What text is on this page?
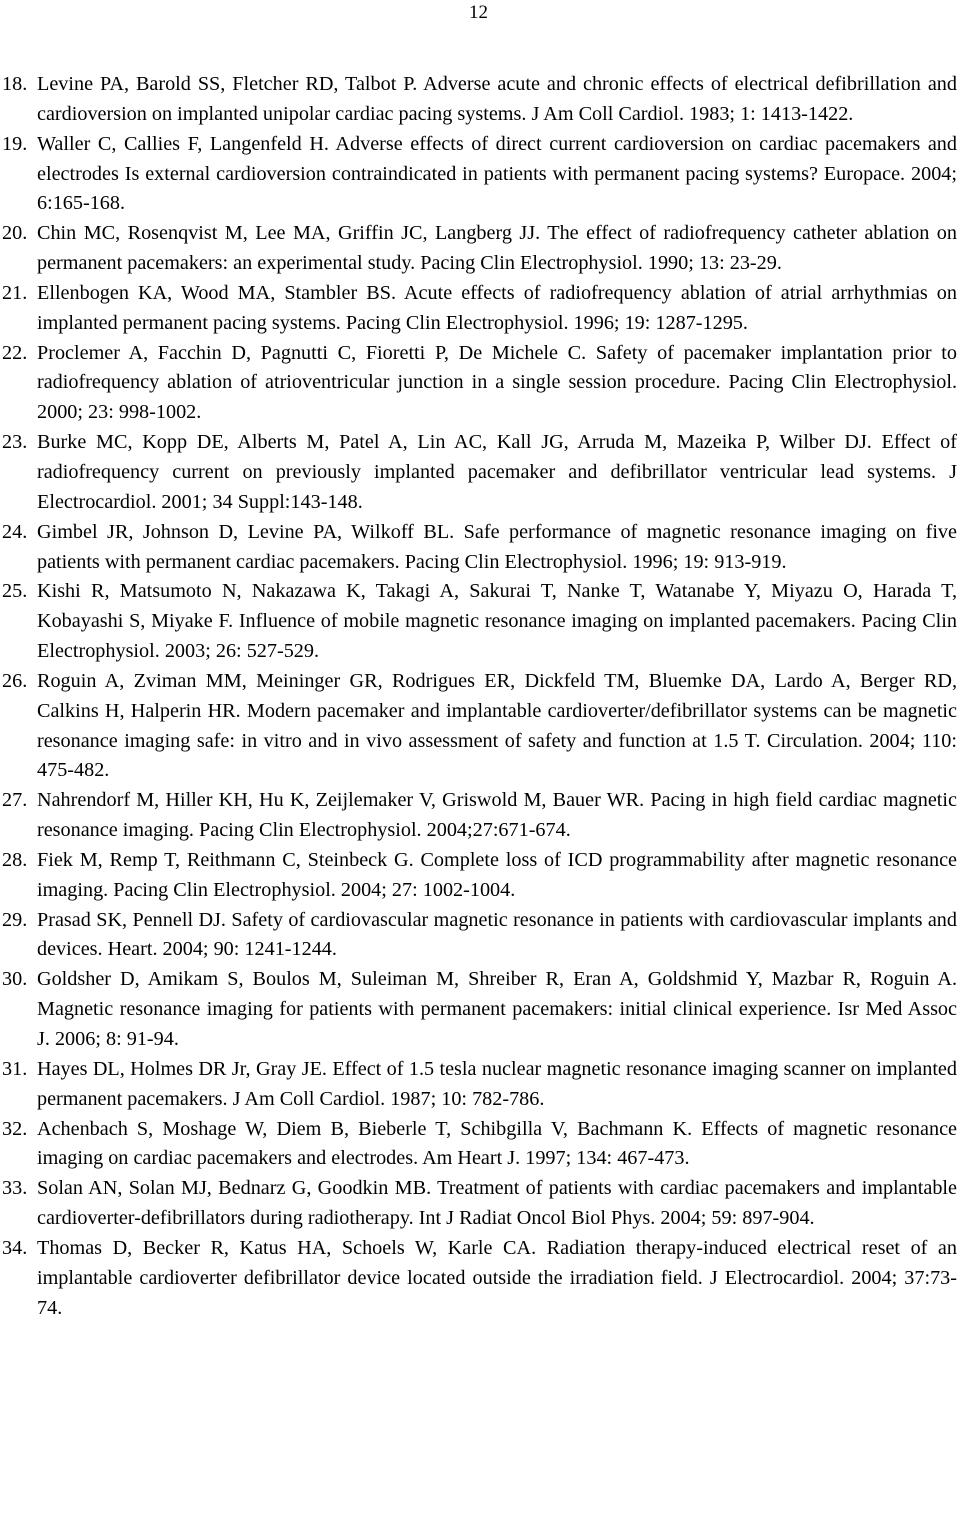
12
18. Levine PA, Barold SS, Fletcher RD, Talbot P. Adverse acute and chronic effects of electrical defibrillation and cardioversion on implanted unipolar cardiac pacing systems. J Am Coll Cardiol. 1983; 1: 1413-1422.
19. Waller C, Callies F, Langenfeld H. Adverse effects of direct current cardioversion on cardiac pacemakers and electrodes Is external cardioversion contraindicated in patients with permanent pacing systems? Europace. 2004; 6:165-168.
20. Chin MC, Rosenqvist M, Lee MA, Griffin JC, Langberg JJ. The effect of radiofrequency catheter ablation on permanent pacemakers: an experimental study. Pacing Clin Electrophysiol. 1990; 13: 23-29.
21. Ellenbogen KA, Wood MA, Stambler BS. Acute effects of radiofrequency ablation of atrial arrhythmias on implanted permanent pacing systems. Pacing Clin Electrophysiol. 1996; 19: 1287-1295.
22. Proclemer A, Facchin D, Pagnutti C, Fioretti P, De Michele C. Safety of pacemaker implantation prior to radiofrequency ablation of atrioventricular junction in a single session procedure. Pacing Clin Electrophysiol. 2000; 23: 998-1002.
23. Burke MC, Kopp DE, Alberts M, Patel A, Lin AC, Kall JG, Arruda M, Mazeika P, Wilber DJ. Effect of radiofrequency current on previously implanted pacemaker and defibrillator ventricular lead systems. J Electrocardiol. 2001; 34 Suppl:143-148.
24. Gimbel JR, Johnson D, Levine PA, Wilkoff BL. Safe performance of magnetic resonance imaging on five patients with permanent cardiac pacemakers. Pacing Clin Electrophysiol. 1996; 19: 913-919.
25. Kishi R, Matsumoto N, Nakazawa K, Takagi A, Sakurai T, Nanke T, Watanabe Y, Miyazu O, Harada T, Kobayashi S, Miyake F. Influence of mobile magnetic resonance imaging on implanted pacemakers. Pacing Clin Electrophysiol. 2003; 26: 527-529.
26. Roguin A, Zviman MM, Meininger GR, Rodrigues ER, Dickfeld TM, Bluemke DA, Lardo A, Berger RD, Calkins H, Halperin HR. Modern pacemaker and implantable cardioverter/defibrillator systems can be magnetic resonance imaging safe: in vitro and in vivo assessment of safety and function at 1.5 T. Circulation. 2004; 110: 475-482.
27. Nahrendorf M, Hiller KH, Hu K, Zeijlemaker V, Griswold M, Bauer WR. Pacing in high field cardiac magnetic resonance imaging. Pacing Clin Electrophysiol. 2004;27:671-674.
28. Fiek M, Remp T, Reithmann C, Steinbeck G. Complete loss of ICD programmability after magnetic resonance imaging. Pacing Clin Electrophysiol. 2004; 27: 1002-1004.
29. Prasad SK, Pennell DJ. Safety of cardiovascular magnetic resonance in patients with cardiovascular implants and devices. Heart. 2004; 90: 1241-1244.
30. Goldsher D, Amikam S, Boulos M, Suleiman M, Shreiber R, Eran A, Goldshmid Y, Mazbar R, Roguin A. Magnetic resonance imaging for patients with permanent pacemakers: initial clinical experience. Isr Med Assoc J. 2006; 8: 91-94.
31. Hayes DL, Holmes DR Jr, Gray JE. Effect of 1.5 tesla nuclear magnetic resonance imaging scanner on implanted permanent pacemakers. J Am Coll Cardiol. 1987; 10: 782-786.
32. Achenbach S, Moshage W, Diem B, Bieberle T, Schibgilla V, Bachmann K. Effects of magnetic resonance imaging on cardiac pacemakers and electrodes. Am Heart J. 1997; 134: 467-473.
33. Solan AN, Solan MJ, Bednarz G, Goodkin MB. Treatment of patients with cardiac pacemakers and implantable cardioverter-defibrillators during radiotherapy. Int J Radiat Oncol Biol Phys. 2004; 59: 897-904.
34. Thomas D, Becker R, Katus HA, Schoels W, Karle CA. Radiation therapy-induced electrical reset of an implantable cardioverter defibrillator device located outside the irradiation field. J Electrocardiol. 2004; 37:73-74.
